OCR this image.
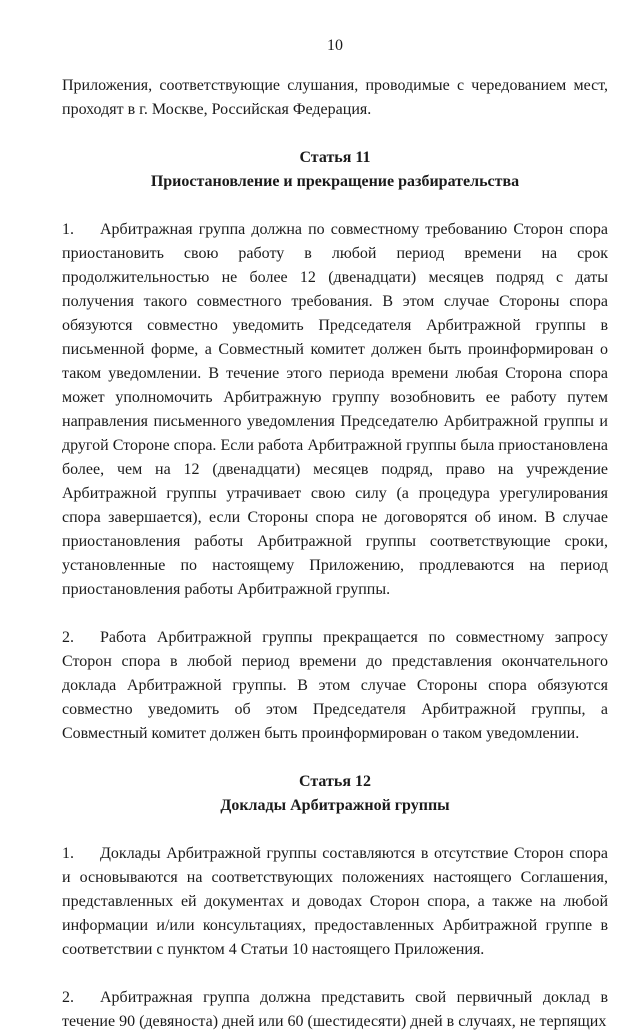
10

Приложения, соответствующие слушания, проводимые с чередованием мест, проходят в г. Москве, Российская Федерация.

Статья 11
Приостановление и прекращение разбирательства

1. Арбитражная группа должна по совместному требованию Сторон спора приостановить свою работу в любой период времени на срок продолжительностью не более 12 (двенадцати) месяцев подряд с даты получения такого совместного требования. В этом случае Стороны спора обязуются совместно уведомить Председателя Арбитражной группы в письменной форме, а Совместный комитет должен быть проинформирован о таком уведомлении. В течение этого периода времени любая Сторона спора может уполномочить Арбитражную группу возобновить ее работу путем направления письменного уведомления Председателю Арбитражной группы и другой Стороне спора. Если работа Арбитражной группы была приостановлена более, чем на 12 (двенадцати) месяцев подряд, право на учреждение Арбитражной группы утрачивает свою силу (а процедура урегулирования спора завершается), если Стороны спора не договорятся об ином. В случае приостановления работы Арбитражной группы соответствующие сроки, установленные по настоящему Приложению, продлеваются на период приостановления работы Арбитражной группы.

2. Работа Арбитражной группы прекращается по совместному запросу Сторон спора в любой период времени до представления окончательного доклада Арбитражной группы. В этом случае Стороны спора обязуются совместно уведомить об этом Председателя Арбитражной группы, а Совместный комитет должен быть проинформирован о таком уведомлении.

Статья 12
Доклады Арбитражной группы

1. Доклады Арбитражной группы составляются в отсутствие Сторон спора и основываются на соответствующих положениях настоящего Соглашения, представленных ей документах и доводах Сторон спора, а также на любой информации и/или консультациях, предоставленных Арбитражной группе в соответствии с пунктом 4 Статьи 10 настоящего Приложения.

2. Арбитражная группа должна представить свой первичный доклад в течение 90 (девяноста) дней или 60 (шестидесяти) дней в случаях, не терпящих
